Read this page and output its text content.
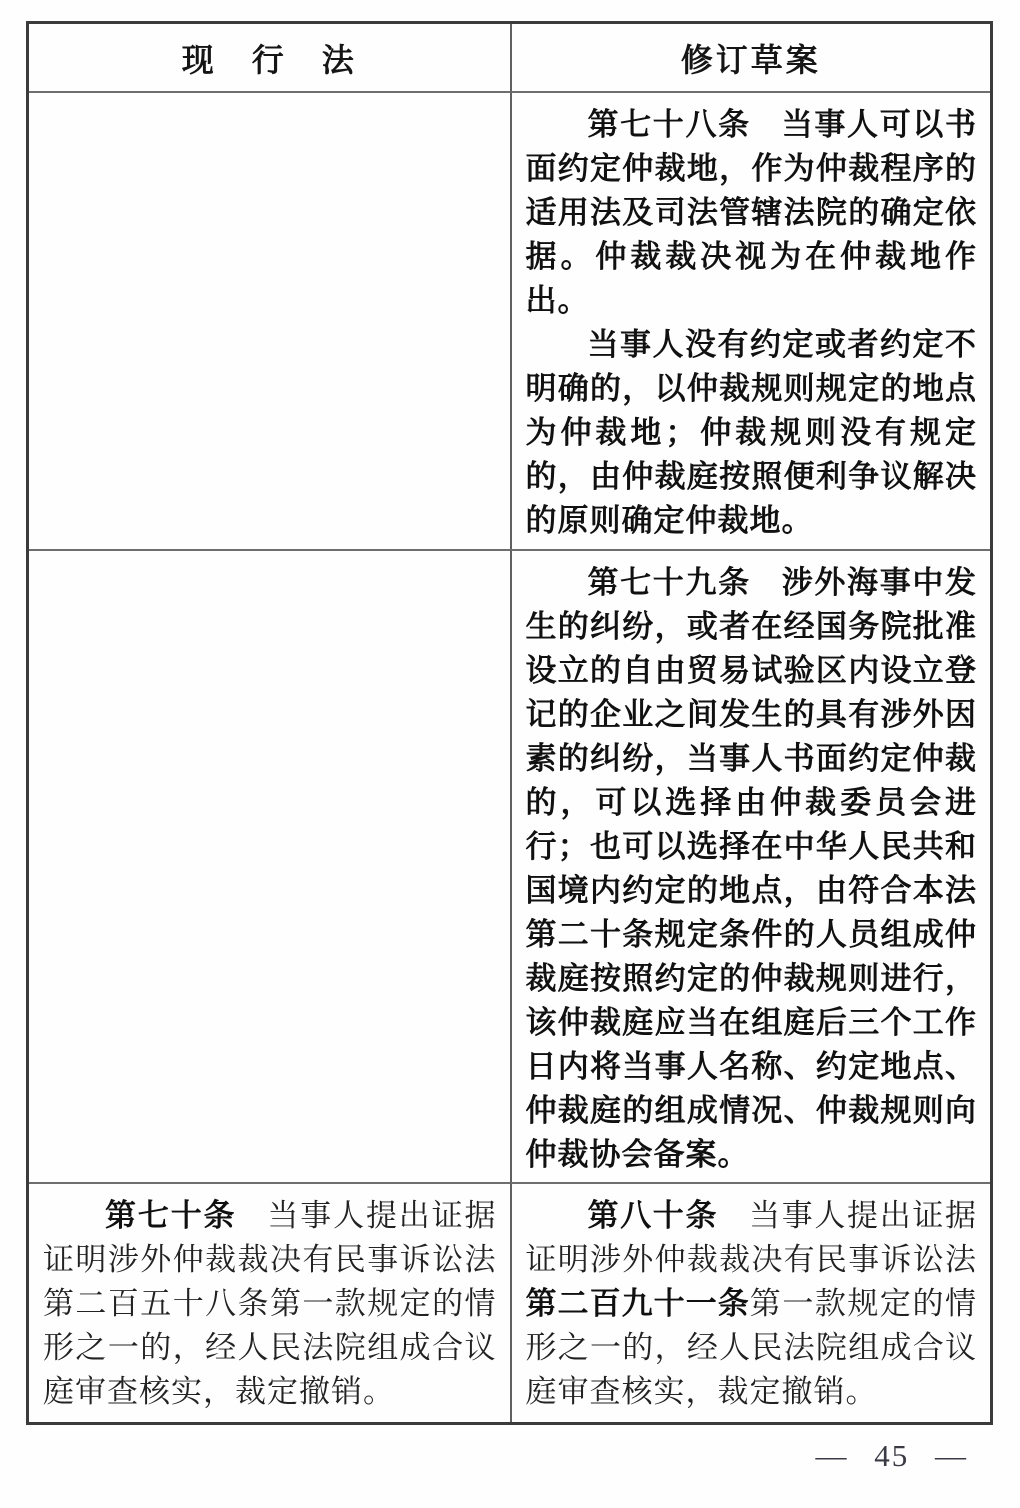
现　行　法	修订草案

第七十八条 当事人可以书面约定仲裁地，作为仲裁程序的适用法及司法管辖法院的确定依据。仲裁裁决视为在仲裁地作出。

当事人没有约定或者约定不明确的，以仲裁规则规定的地点为仲裁地；仲裁规则没有规定的，由仲裁庭按照便利争议解决的原则确定仲裁地。

第七十九条 涉外海事中发生的纠纷，或者在经国务院批准设立的自由贸易试验区内设立登记的企业之间发生的具有涉外因素的纠纷，当事人书面约定仲裁的，可以选择由仲裁委员会进行；也可以选择在中华人民共和国境内约定的地点，由符合本法第二十条规定条件的人员组成仲裁庭按照约定的仲裁规则进行，该仲裁庭应当在组庭后三个工作日内将当事人名称、约定地点、仲裁庭的组成情况、仲裁规则向仲裁协会备案。

第七十条 当事人提出证据证明涉外仲裁裁决有民事诉讼法第二百五十八条第一款规定的情形之一的，经人民法院组成合议庭审查核实，裁定撤销。

第八十条 当事人提出证据证明涉外仲裁裁决有民事诉讼法第二百九十一条第一款规定的情形之一的，经人民法院组成合议庭审查核实，裁定撤销。

— 45 —
